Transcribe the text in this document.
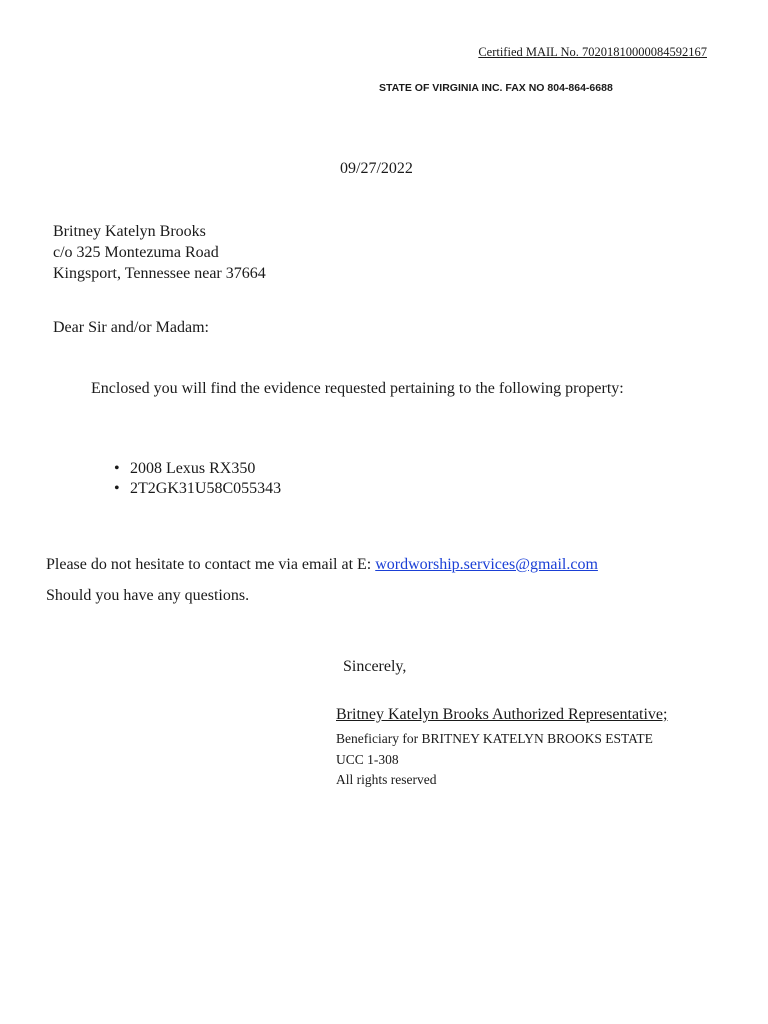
Certified MAIL No. 70201810000084592167
STATE OF VIRGINIA INC. FAX NO 804-864-6688
09/27/2022
Britney Katelyn Brooks
c/o 325 Montezuma Road
Kingsport, Tennessee near 37664
Dear Sir and/or Madam:
Enclosed you will find the evidence requested pertaining to the following property:
• 2008 Lexus RX350
• 2T2GK31U58C055343
Please do not hesitate to contact me via email at E: wordworship.services@gmail.com
Should you have any questions.
Sincerely,
Britney Katelyn Brooks Authorized Representative;
Beneficiary for BRITNEY KATELYN BROOKS ESTATE
UCC 1-308
All rights reserved
